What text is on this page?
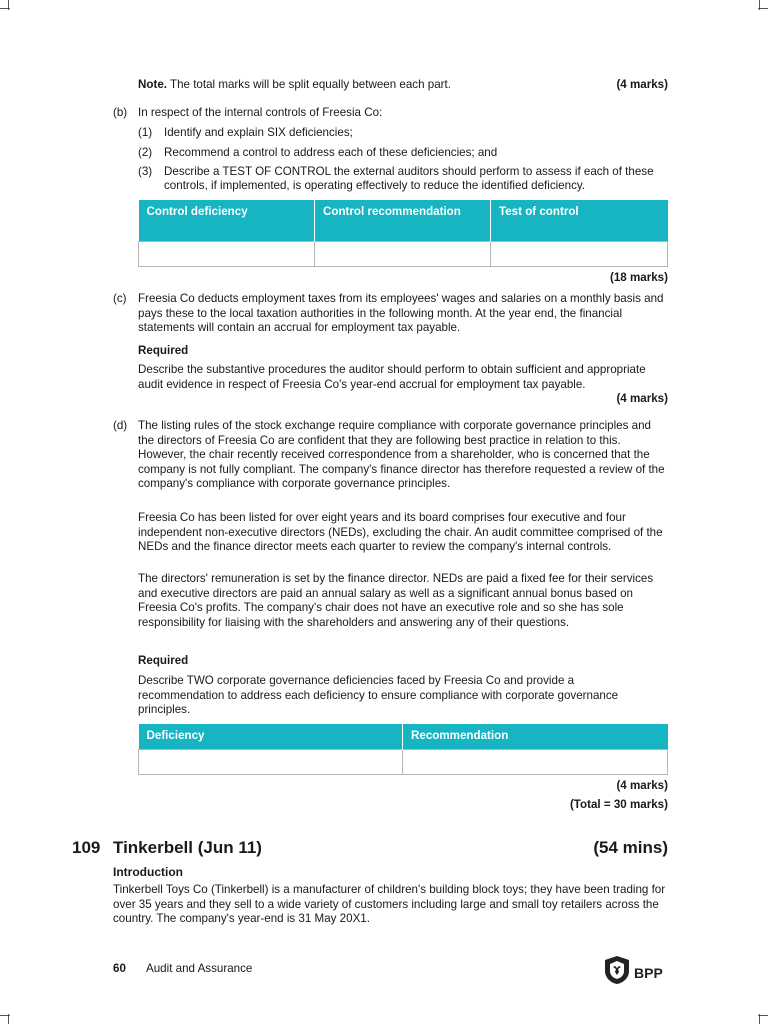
Note. The total marks will be split equally between each part.	(4 marks)
(b) In respect of the internal controls of Freesia Co:
(1) Identify and explain SIX deficiencies;
(2) Recommend a control to address each of these deficiencies; and
(3) Describe a TEST OF CONTROL the external auditors should perform to assess if each of these controls, if implemented, is operating effectively to reduce the identified deficiency.
Control deficiency	Control recommendation	Test of control

(18 marks)
(c) Freesia Co deducts employment taxes from its employees' wages and salaries on a monthly basis and pays these to the local taxation authorities in the following month. At the year end, the financial statements will contain an accrual for employment tax payable.
Required
Describe the substantive procedures the auditor should perform to obtain sufficient and appropriate audit evidence in respect of Freesia Co's year-end accrual for employment tax payable.
(4 marks)
(d) The listing rules of the stock exchange require compliance with corporate governance principles and the directors of Freesia Co are confident that they are following best practice in relation to this. However, the chair recently received correspondence from a shareholder, who is concerned that the company is not fully compliant. The company's finance director has therefore requested a review of the company's compliance with corporate governance principles.
Freesia Co has been listed for over eight years and its board comprises four executive and four independent non-executive directors (NEDs), excluding the chair. An audit committee comprised of the NEDs and the finance director meets each quarter to review the company's internal controls.
The directors' remuneration is set by the finance director. NEDs are paid a fixed fee for their services and executive directors are paid an annual salary as well as a significant annual bonus based on Freesia Co's profits. The company's chair does not have an executive role and so she has sole responsibility for liaising with the shareholders and answering any of their questions.
Required
Describe TWO corporate governance deficiencies faced by Freesia Co and provide a recommendation to address each deficiency to ensure compliance with corporate governance principles.
Deficiency	Recommendation

(4 marks)
(Total = 30 marks)
109 Tinkerbell (Jun 11)	(54 mins)
Introduction
Tinkerbell Toys Co (Tinkerbell) is a manufacturer of children's building block toys; they have been trading for over 35 years and they sell to a wide variety of customers including large and small toy retailers across the country. The company's year-end is 31 May 20X1.
60 Audit and Assurance	BPP
